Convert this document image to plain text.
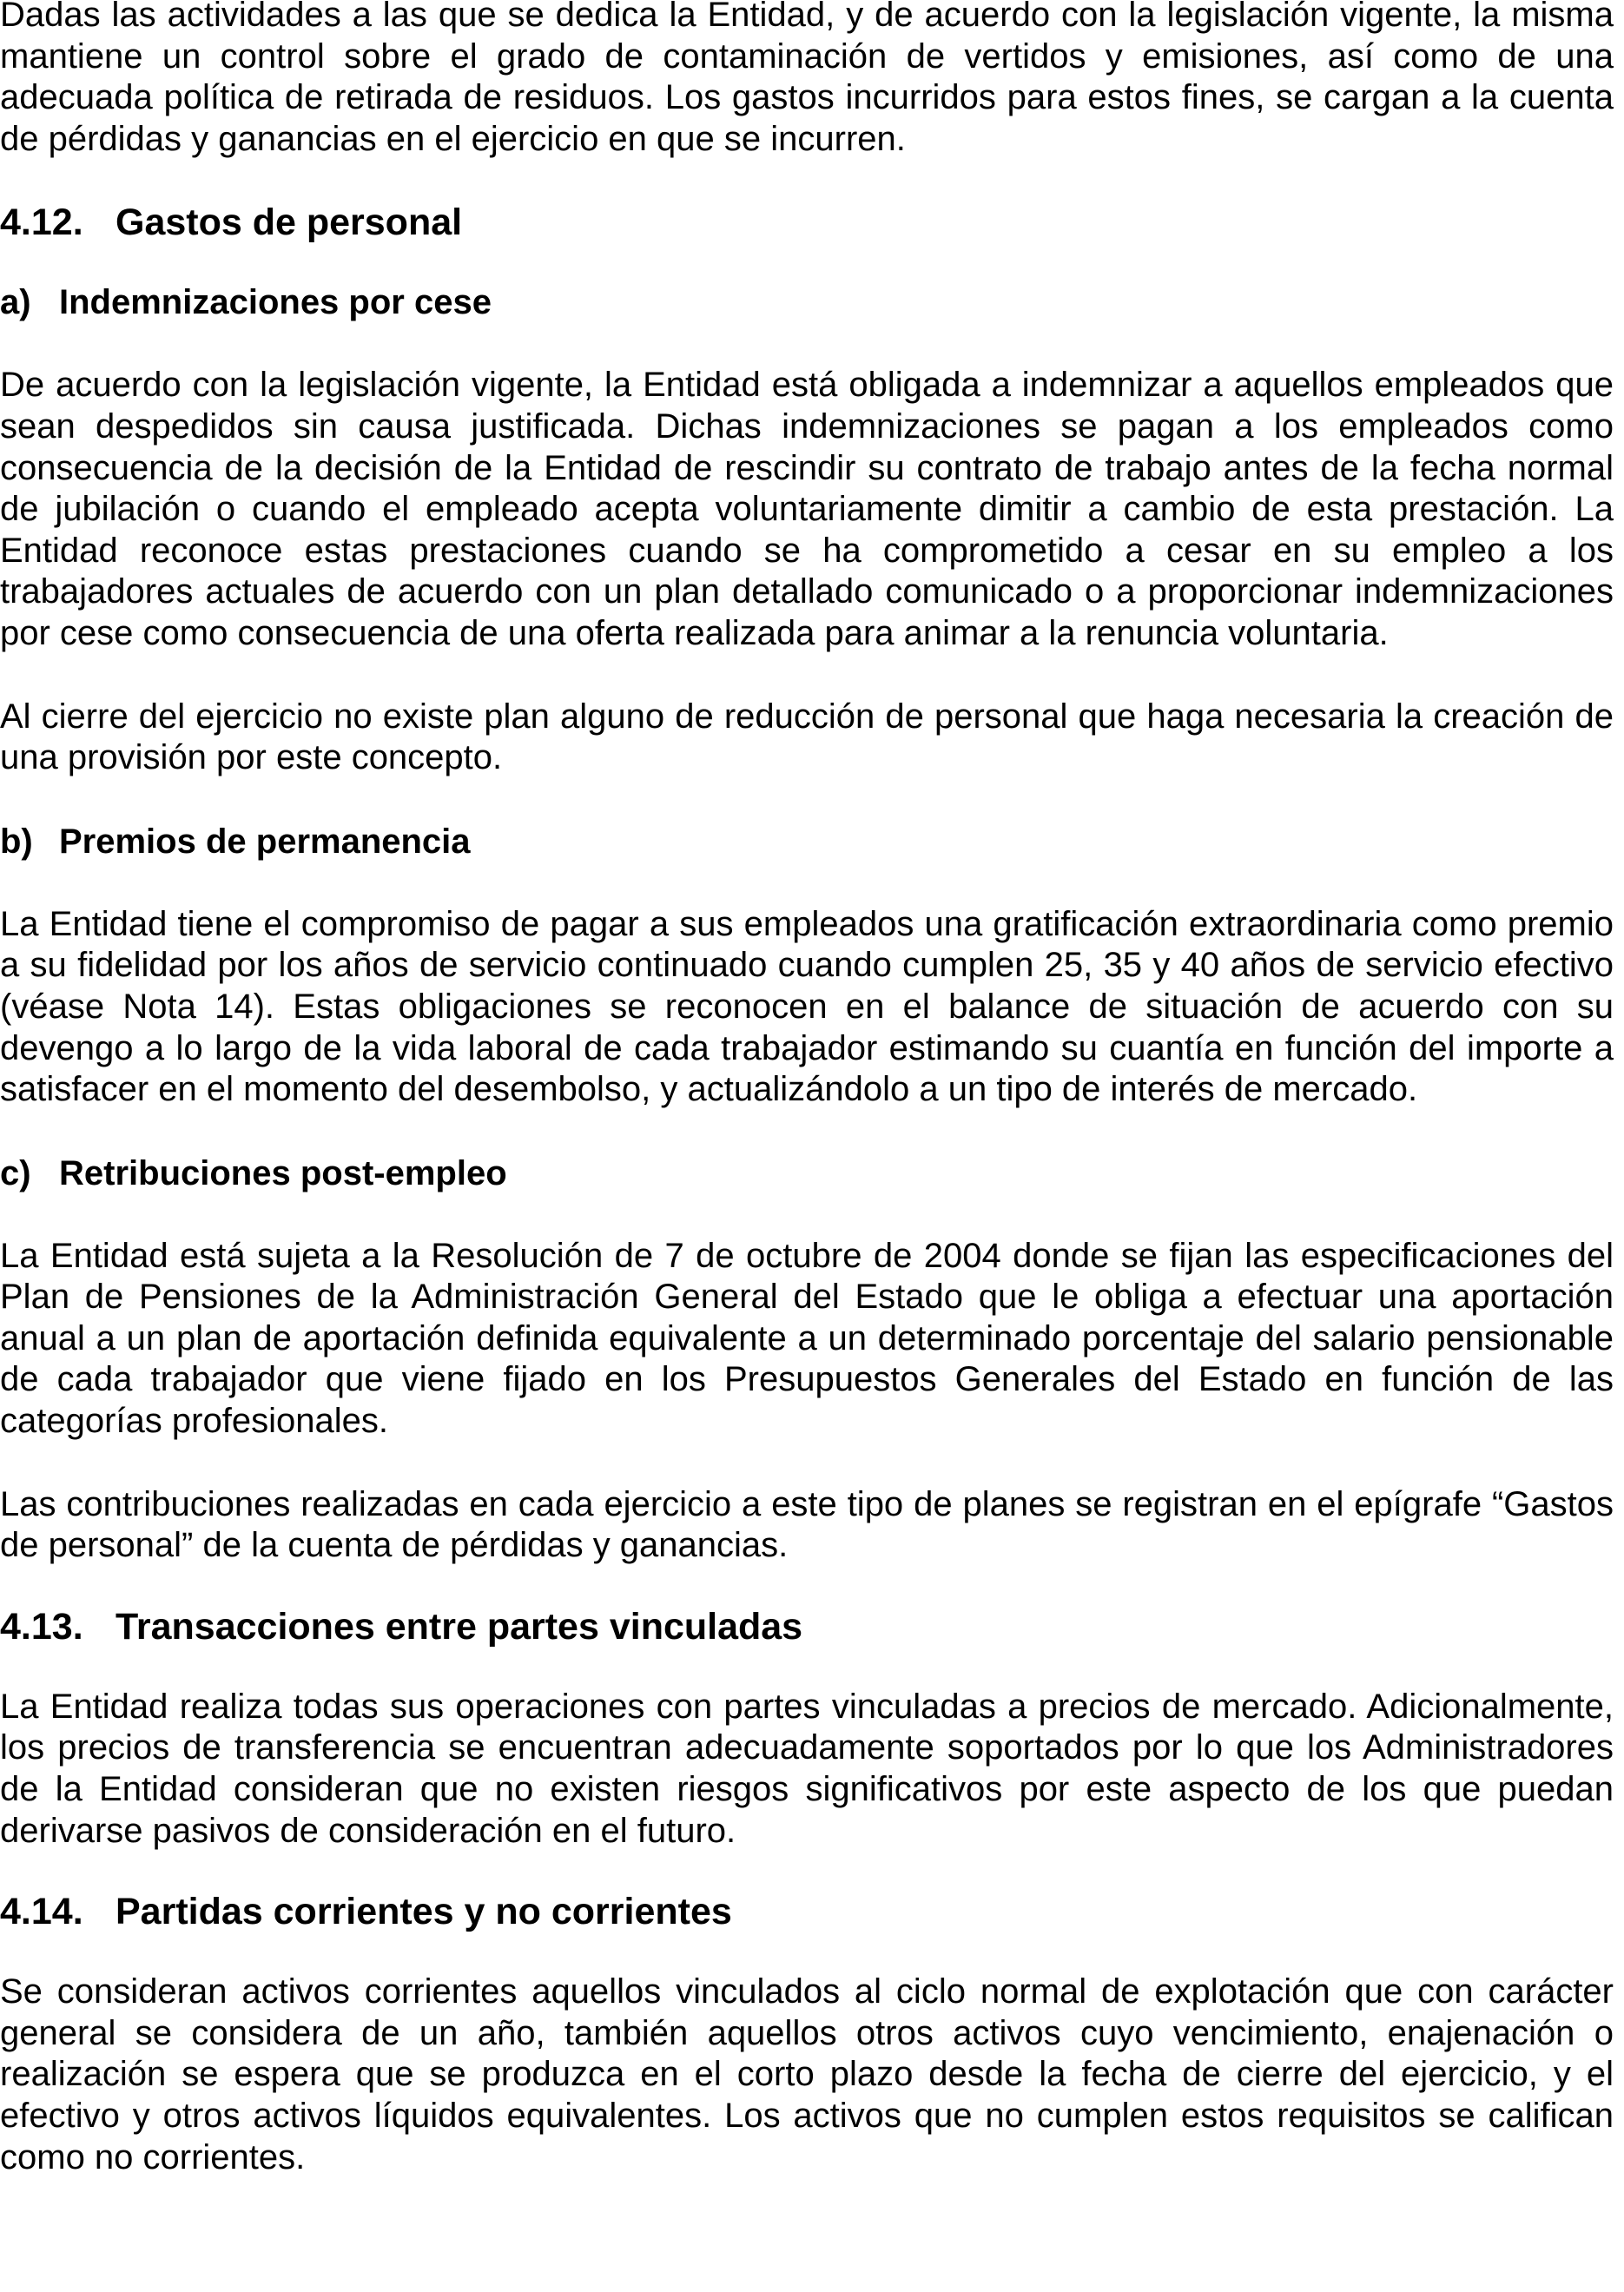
Dadas las actividades a las que se dedica la Entidad, y de acuerdo con la legislación vigente, la misma mantiene un control sobre el grado de contaminación de vertidos y emisiones, así como de una adecuada política de retirada de residuos. Los gastos incurridos para estos fines, se cargan a la cuenta de pérdidas y ganancias en el ejercicio en que se incurren.

4.12. Gastos de personal
a) Indemnizaciones por cese

De acuerdo con la legislación vigente, la Entidad está obligada a indemnizar a aquellos empleados que sean despedidos sin causa justificada. Dichas indemnizaciones se pagan a los empleados como consecuencia de la decisión de la Entidad de rescindir su contrato de trabajo antes de la fecha normal de jubilación o cuando el empleado acepta voluntariamente dimitir a cambio de esta prestación. La Entidad reconoce estas prestaciones cuando se ha comprometido a cesar en su empleo a los trabajadores actuales de acuerdo con un plan detallado comunicado o a proporcionar indemnizaciones por cese como consecuencia de una oferta realizada para animar a la renuncia voluntaria.

Al cierre del ejercicio no existe plan alguno de reducción de personal que haga necesaria la creación de una provisión por este concepto.

b) Premios de permanencia

La Entidad tiene el compromiso de pagar a sus empleados una gratificación extraordinaria como premio a su fidelidad por los años de servicio continuado cuando cumplen 25, 35 y 40 años de servicio efectivo (véase Nota 14). Estas obligaciones se reconocen en el balance de situación de acuerdo con su devengo a lo largo de la vida laboral de cada trabajador estimando su cuantía en función del importe a satisfacer en el momento del desembolso, y actualizándolo a un tipo de interés de mercado.

c) Retribuciones post-empleo

La Entidad está sujeta a la Resolución de 7 de octubre de 2004 donde se fijan las especificaciones del Plan de Pensiones de la Administración General del Estado que le obliga a efectuar una aportación anual a un plan de aportación definida equivalente a un determinado porcentaje del salario pensionable de cada trabajador que viene fijado en los Presupuestos Generales del Estado en función de las categorías profesionales.

Las contribuciones realizadas en cada ejercicio a este tipo de planes se registran en el epígrafe “Gastos de personal” de la cuenta de pérdidas y ganancias.

4.13. Transacciones entre partes vinculadas

La Entidad realiza todas sus operaciones con partes vinculadas a precios de mercado. Adicionalmente, los precios de transferencia se encuentran adecuadamente soportados por lo que los Administradores de la Entidad consideran que no existen riesgos significativos por este aspecto de los que puedan derivarse pasivos de consideración en el futuro.

4.14. Partidas corrientes y no corrientes

Se consideran activos corrientes aquellos vinculados al ciclo normal de explotación que con carácter general se considera de un año, también aquellos otros activos cuyo vencimiento, enajenación o realización se espera que se produzca en el corto plazo desde la fecha de cierre del ejercicio, y el efectivo y otros activos líquidos equivalentes. Los activos que no cumplen estos requisitos se califican como no corrientes.
